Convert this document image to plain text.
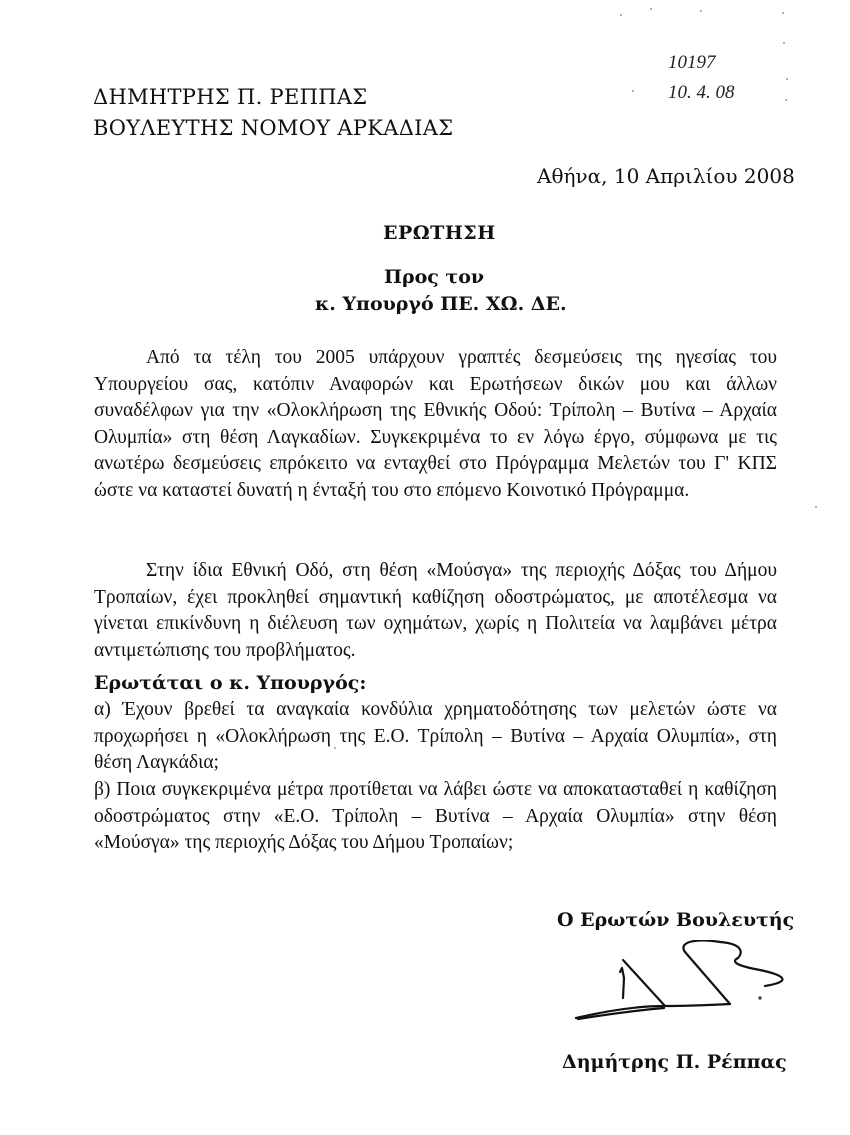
ΔΗΜΗΤΡΗΣ Π. ΡΕΠΠΑΣ
ΒΟΥΛΕΥΤΗΣ ΝΟΜΟΥ ΑΡΚΑΔΙΑΣ
10197
10. 4. 08
Αθήνα, 10 Απριλίου 2008
ΕΡΩΤΗΣΗ
Προς τον
κ. Υπουργό ΠΕ. ΧΩ. ΔΕ.

Από τα τέλη του 2005 υπάρχουν γραπτές δεσμεύσεις της ηγεσίας του Υπουργείου σας, κατόπιν Αναφορών και Ερωτήσεων δικών μου και άλλων συναδέλφων για την «Ολοκλήρωση της Εθνικής Οδού: Τρίπολη – Βυτίνα – Αρχαία Ολυμπία» στη θέση Λαγκαδίων. Συγκεκριμένα το εν λόγω έργο, σύμφωνα με τις ανωτέρω δεσμεύσεις επρόκειτο να ενταχθεί στο Πρόγραμμα Μελετών του Γ' ΚΠΣ ώστε να καταστεί δυνατή η ένταξή του στο επόμενο Κοινοτικό Πρόγραμμα.

Στην ίδια Εθνική Οδό, στη θέση «Μούσγα» της περιοχής Δόξας του Δήμου Τροπαίων, έχει προκληθεί σημαντική καθίζηση οδοστρώματος, με αποτέλεσμα να γίνεται επικίνδυνη η διέλευση των οχημάτων, χωρίς η Πολιτεία να λαμβάνει μέτρα αντιμετώπισης του προβλήματος.

Ερωτάται ο κ. Υπουργός:
α) Έχουν βρεθεί τα αναγκαία κονδύλια χρηματοδότησης των μελετών ώστε να προχωρήσει η «Ολοκλήρωση της Ε.Ο. Τρίπολη – Βυτίνα – Αρχαία Ολυμπία», στη θέση Λαγκάδια;
β) Ποια συγκεκριμένα μέτρα προτίθεται να λάβει ώστε να αποκατασταθεί η καθίζηση οδοστρώματος στην «Ε.Ο. Τρίπολη – Βυτίνα – Αρχαία Ολυμπία» στην θέση «Μούσγα» της περιοχής Δόξας του Δήμου Τροπαίων;
Ο Ερωτών Βουλευτής
Δημήτρης Π. Ρέππας
